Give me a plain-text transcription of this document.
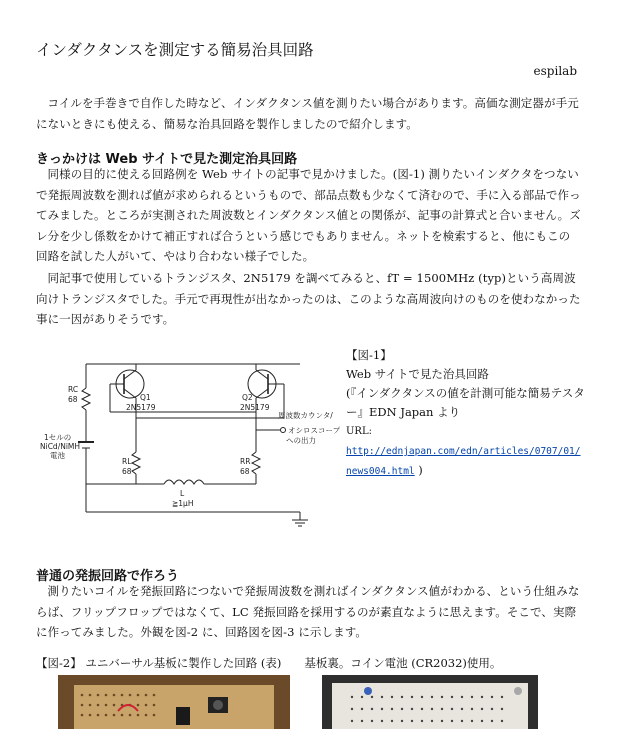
インダクタンスを測定する簡易治具回路
espilab
コイルを手巻きで自作した時など、インダクタンス値を測りたい場合があります。高価な測定器が手元にないときにも使える、簡易な治具回路を製作しましたので紹介します。
きっかけは Web サイトで見た測定治具回路
同様の目的に使える回路例を Web サイトの記事で見かけました。(図-1) 測りたいインダクタをつないで発振周波数を測れば値が求められるというもので、部品点数も少なくて済むので、手に入る部品で作ってみました。ところが実測された周波数とインダクタンス値との関係が、記事の計算式と合いません。ズレ分を少し係数をかけて補正すれば合うという感じでもありません。ネットを検索すると、他にもこの回路を試した人がいて、やはり合わない様子でした。
同記事で使用しているトランジスタ、2N5179 を調べてみると、fT = 1500MHz (typ)という高周波向けトランジスタでした。手元で再現性が出なかったのは、このような高周波向けのものを使わなかった事に一因がありそうです。
RC
68	Q1
2N5179
Q2
2N5179
1セルの
NiCd/NiMH
電池
RL
68
RR
68
L
≧1μH
周波数カウンタ/
オシロスコープ
への出力
【図-1】
Web サイトで見た治具回路
(『インダクタンスの値を計測可能な簡易テスター』EDN Japan より
URL:
http://ednjapan.com/edn/articles/0707/01/news004.html )
普通の発振回路で作ろう
測りたいコイルを発振回路につないで発振周波数を測ればインダクタンス値がわかる、という仕組みならば、フリップフロップではなくて、LC 発振回路を採用するのが素直なように思えます。そこで、実際に作ってみました。外観を図-2 に、回路図を図-3 に示します。
【図-2】 ユニバーサル基板に製作した回路 (表)　　基板裏。コイン電池 (CR2032)使用。
